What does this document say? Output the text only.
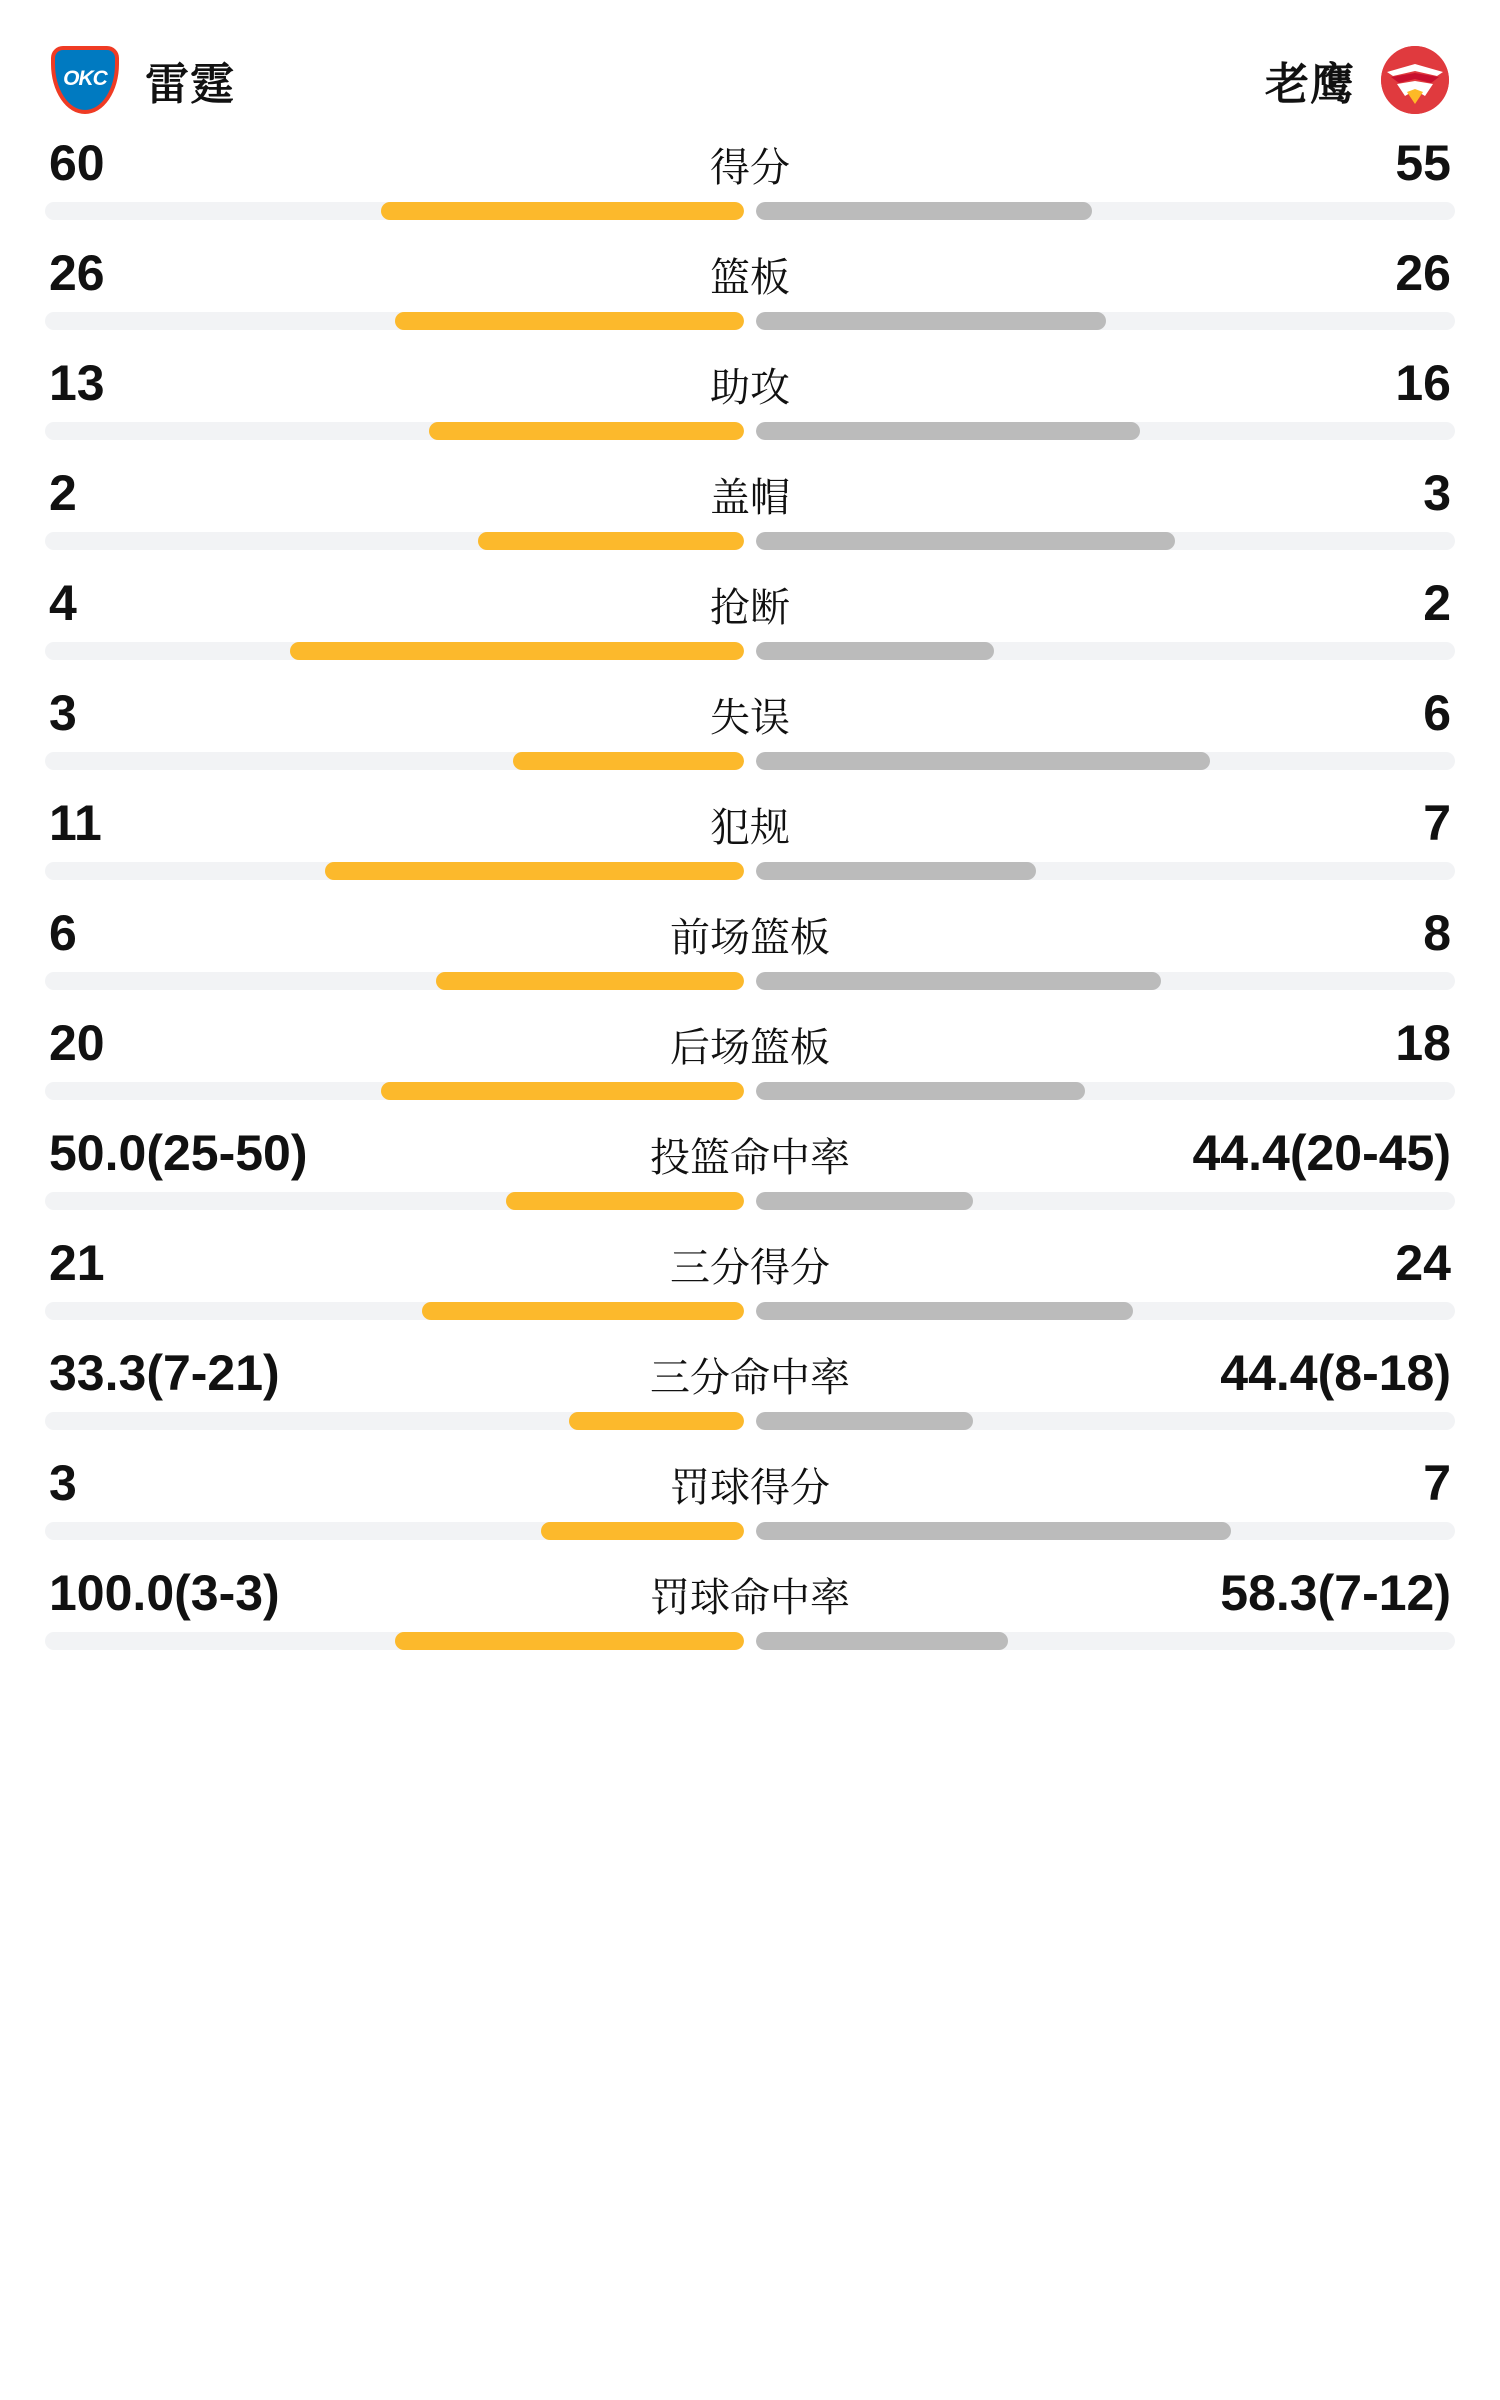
OKC 雷霆	老鹰
60	得分	55
26	篮板	26
13	助攻	16
2	盖帽	3
4	抢断	2
3	失误	6
11	犯规	7
6	前场篮板	8
20	后场篮板	18
50.0(25-50)	投篮命中率	44.4(20-45)
21	三分得分	24
33.3(7-21)	三分命中率	44.4(8-18)
3	罚球得分	7
100.0(3-3)	罚球命中率	58.3(7-12)
